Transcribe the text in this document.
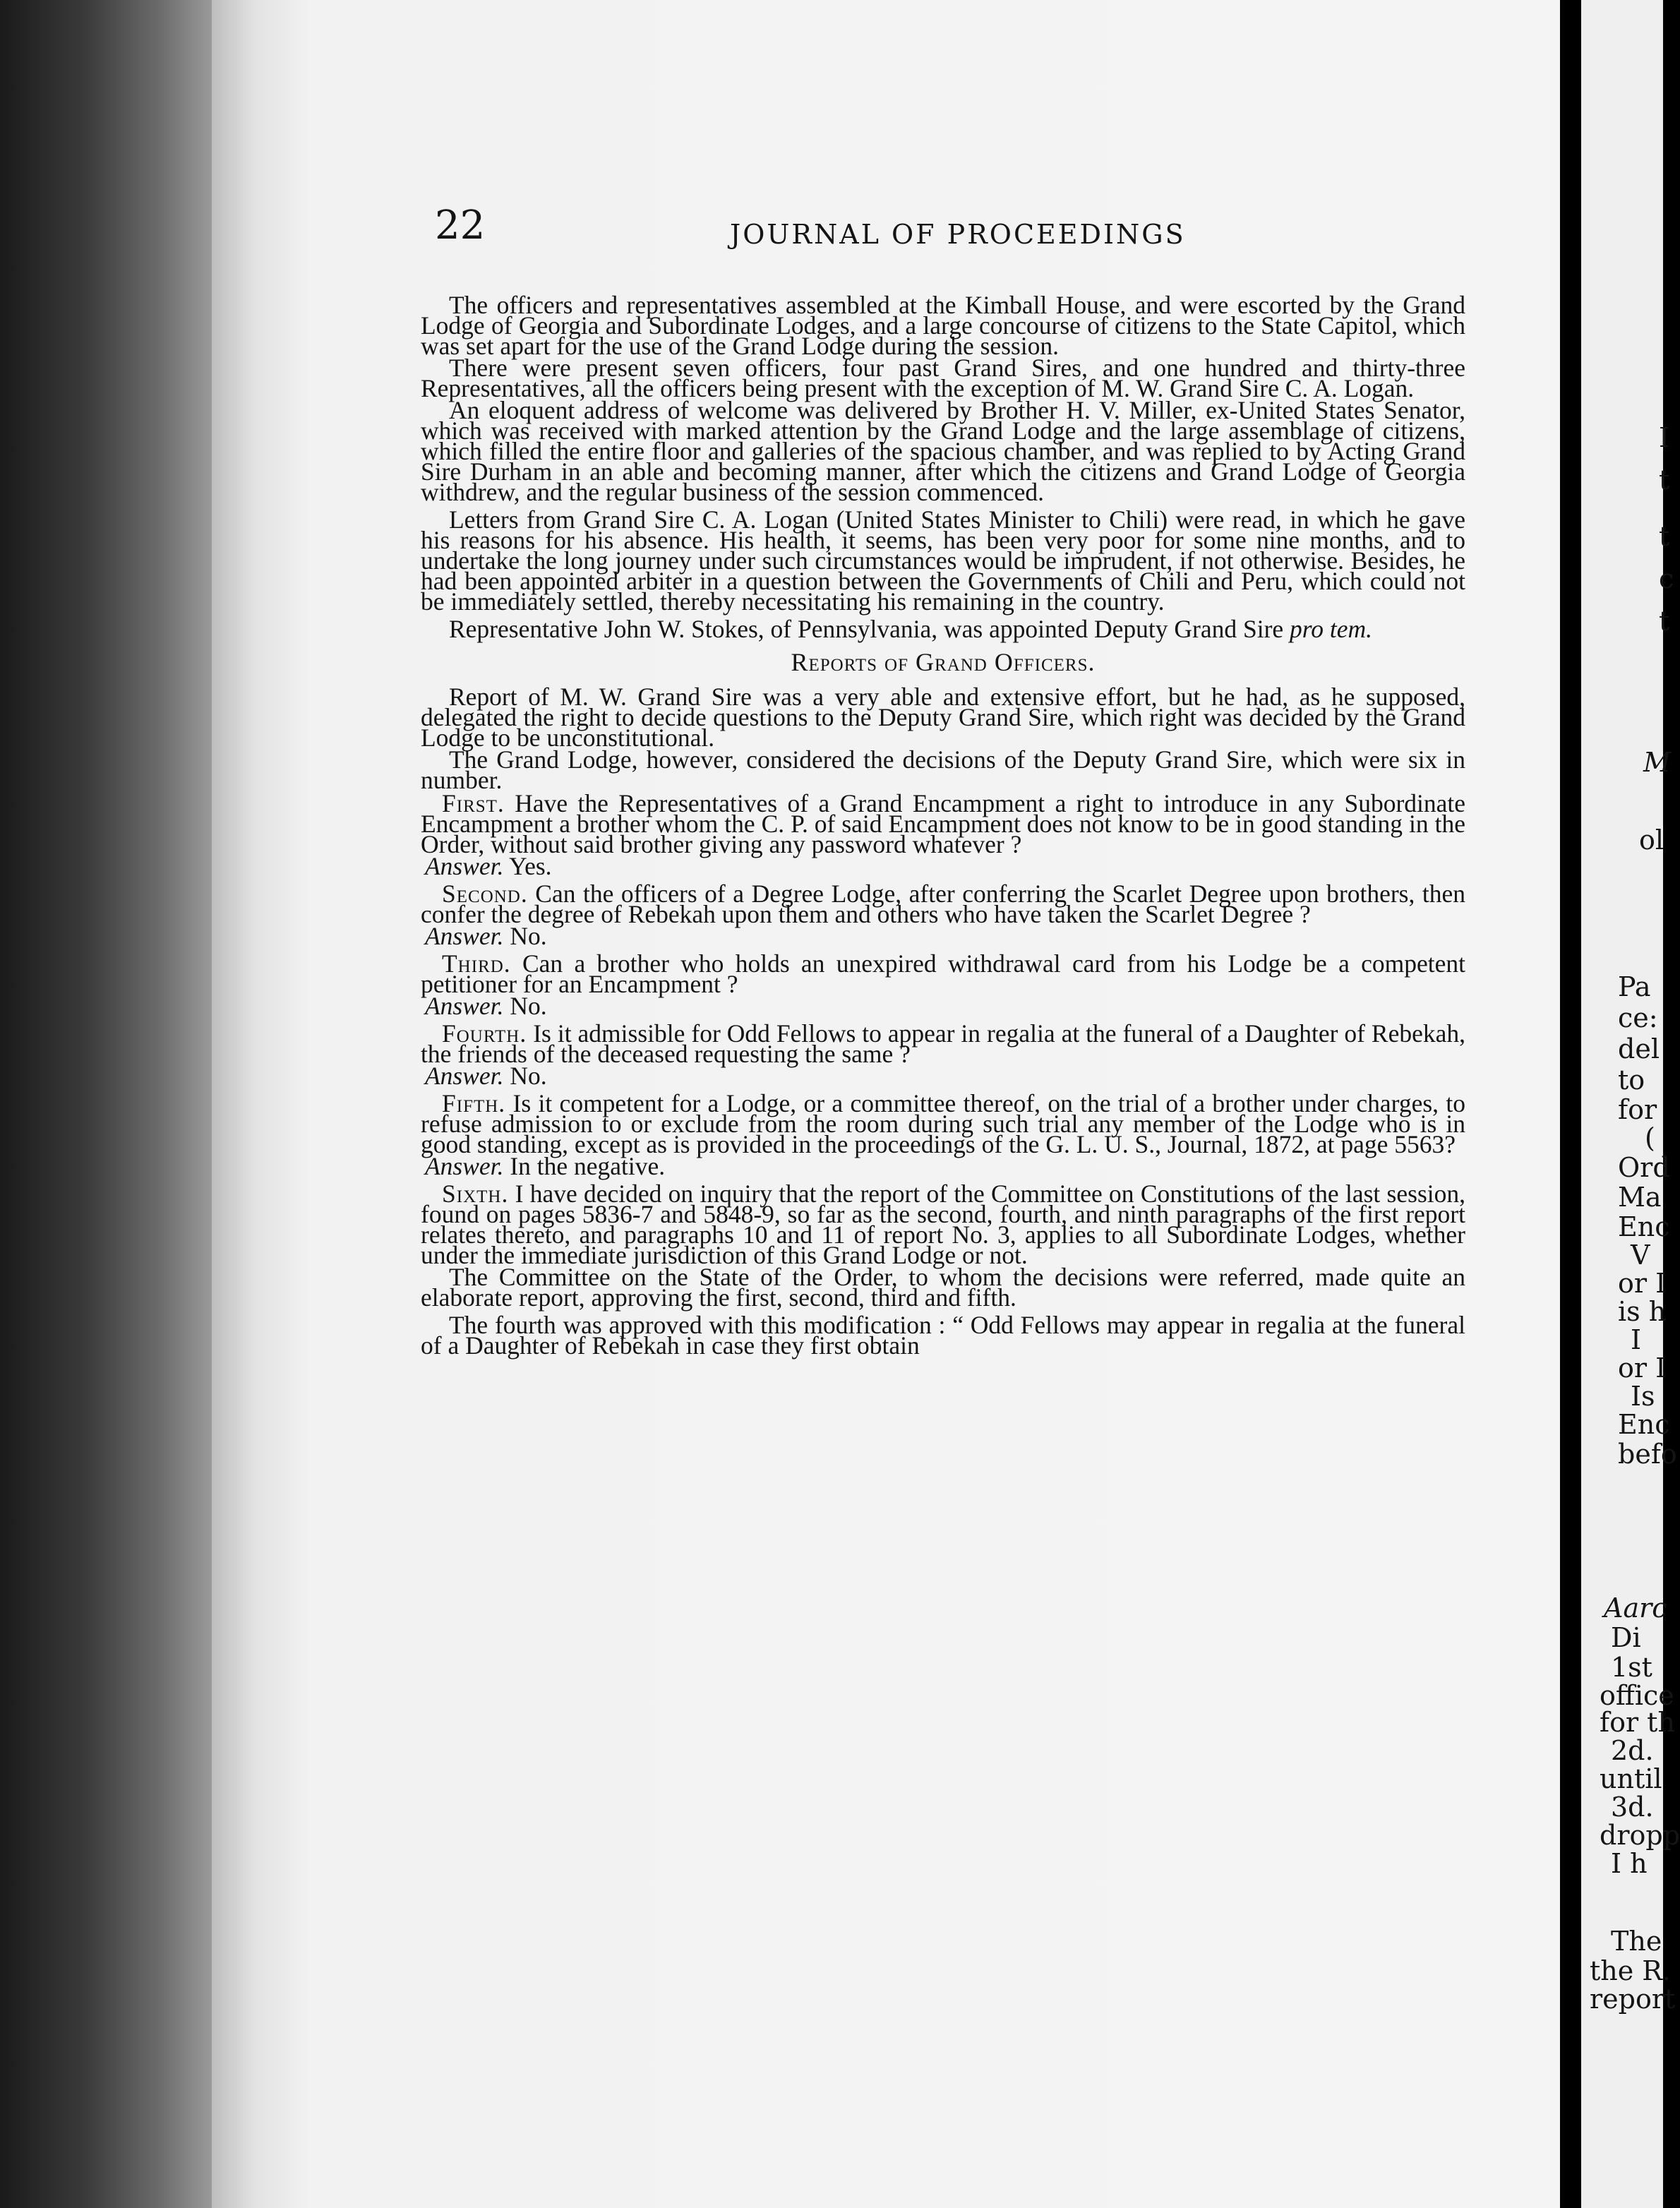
I
t
t
c
t
M
ol
Pa
ce:
del
to
for
(
Ord
Ma
Enc
V
or I
is h
I
or I
Is
Enc
befo
Aarc
Di
1st
office
for th
2d.
until
3d.
dropp
I h
The
the R.
report
22	JOURNAL OF PROCEEDINGS

The officers and representatives assembled at the Kimball House, and were escorted by the Grand Lodge of Georgia and Subordinate Lodges, and a large concourse of citizens to the State Capitol, which was set apart for the use of the Grand Lodge during the session.

There were present seven officers, four past Grand Sires, and one hundred and thirty-three Representatives, all the officers being present with the exception of M. W. Grand Sire C. A. Logan.

An eloquent address of welcome was delivered by Brother H. V. Miller, ex-United States Senator, which was received with marked attention by the Grand Lodge and the large assemblage of citizens, which filled the entire floor and galleries of the spacious chamber, and was replied to by Acting Grand Sire Durham in an able and becoming manner, after which the citizens and Grand Lodge of Georgia withdrew, and the regular business of the session commenced.

Letters from Grand Sire C. A. Logan (United States Minister to Chili) were read, in which he gave his reasons for his absence. His health, it seems, has been very poor for some nine months, and to undertake the long journey under such circumstances would be imprudent, if not otherwise. Besides, he had been appointed arbiter in a question between the Governments of Chili and Peru, which could not be immediately settled, thereby necessitating his remaining in the country.

Representative John W. Stokes, of Pennsylvania, was appointed Deputy Grand Sire pro tem.

Reports of Grand Officers.

Report of M. W. Grand Sire was a very able and extensive effort, but he had, as he supposed, delegated the right to decide questions to the Deputy Grand Sire, which right was decided by the Grand Lodge to be unconstitutional.

The Grand Lodge, however, considered the decisions of the Deputy Grand Sire, which were six in number.

First. Have the Representatives of a Grand Encampment a right to introduce in any Subordinate Encampment a brother whom the C. P. of said Encampment does not know to be in good standing in the Order, without said brother giving any password whatever ?

Answer. Yes.

Second. Can the officers of a Degree Lodge, after conferring the Scarlet Degree upon brothers, then confer the degree of Rebekah upon them and others who have taken the Scarlet Degree ?

Answer. No.

Third. Can a brother who holds an unexpired withdrawal card from his Lodge be a competent petitioner for an Encampment ?

Answer. No.

Fourth. Is it admissible for Odd Fellows to appear in regalia at the funeral of a Daughter of Rebekah, the friends of the deceased requesting the same ?

Answer. No.

Fifth. Is it competent for a Lodge, or a committee thereof, on the trial of a brother under charges, to refuse admission to or exclude from the room during such trial any member of the Lodge who is in good standing, except as is provided in the proceedings of the G. L. U. S., Journal, 1872, at page 5563?

Answer. In the negative.

Sixth. I have decided on inquiry that the report of the Committee on Constitutions of the last session, found on pages 5836-7 and 5848-9, so far as the second, fourth, and ninth paragraphs of the first report relates thereto, and paragraphs 10 and 11 of report No. 3, applies to all Subordinate Lodges, whether under the immediate jurisdiction of this Grand Lodge or not.

The Committee on the State of the Order, to whom the decisions were referred, made quite an elaborate report, approving the first, second, third and fifth.

The fourth was approved with this modification : “ Odd Fellows may appear in regalia at the funeral of a Daughter of Rebekah in case they first obtain
